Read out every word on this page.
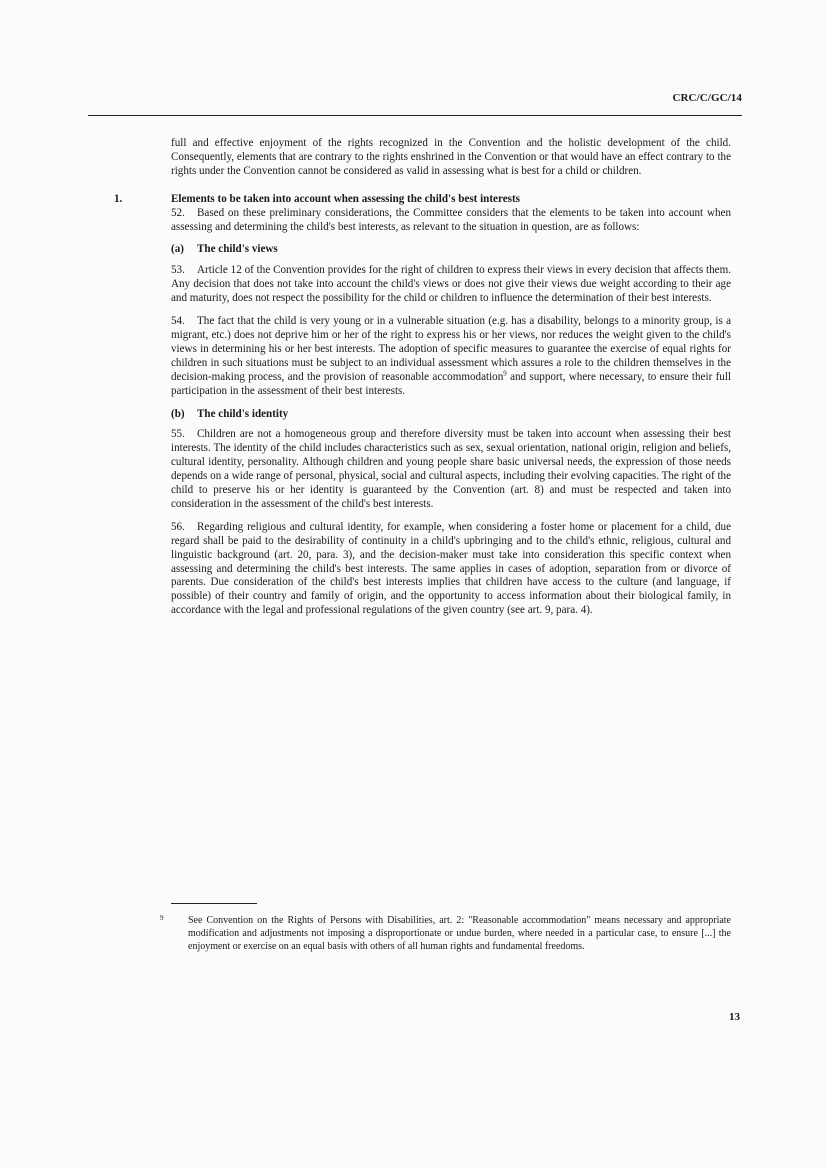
CRC/C/GC/14

full and effective enjoyment of the rights recognized in the Convention and the holistic development of the child. Consequently, elements that are contrary to the rights enshrined in the Convention or that would have an effect contrary to the rights under the Convention cannot be considered as valid in assessing what is best for a child or children.

1.	Elements to be taken into account when assessing the child's best interests

52. Based on these preliminary considerations, the Committee considers that the elements to be taken into account when assessing and determining the child's best interests, as relevant to the situation in question, are as follows:

(a) The child's views

53. Article 12 of the Convention provides for the right of children to express their views in every decision that affects them. Any decision that does not take into account the child's views or does not give their views due weight according to their age and maturity, does not respect the possibility for the child or children to influence the determination of their best interests.

54. The fact that the child is very young or in a vulnerable situation (e.g. has a disability, belongs to a minority group, is a migrant, etc.) does not deprive him or her of the right to express his or her views, nor reduces the weight given to the child's views in determining his or her best interests. The adoption of specific measures to guarantee the exercise of equal rights for children in such situations must be subject to an individual assessment which assures a role to the children themselves in the decision-making process, and the provision of reasonable accommodation$^9$ and support, where necessary, to ensure their full participation in the assessment of their best interests.

(b) The child's identity

55. Children are not a homogeneous group and therefore diversity must be taken into account when assessing their best interests. The identity of the child includes characteristics such as sex, sexual orientation, national origin, religion and beliefs, cultural identity, personality. Although children and young people share basic universal needs, the expression of those needs depends on a wide range of personal, physical, social and cultural aspects, including their evolving capacities. The right of the child to preserve his or her identity is guaranteed by the Convention (art. 8) and must be respected and taken into consideration in the assessment of the child's best interests.

56. Regarding religious and cultural identity, for example, when considering a foster home or placement for a child, due regard shall be paid to the desirability of continuity in a child's upbringing and to the child's ethnic, religious, cultural and linguistic background (art. 20, para. 3), and the decision-maker must take into consideration this specific context when assessing and determining the child's best interests. The same applies in cases of adoption, separation from or divorce of parents. Due consideration of the child's best interests implies that children have access to the culture (and language, if possible) of their country and family of origin, and the opportunity to access information about their biological family, in accordance with the legal and professional regulations of the given country (see art. 9, para. 4).

9	See Convention on the Rights of Persons with Disabilities, art. 2: "Reasonable accommodation" means necessary and appropriate modification and adjustments not imposing a disproportionate or undue burden, where needed in a particular case, to ensure [...] the enjoyment or exercise on an equal basis with others of all human rights and fundamental freedoms.
13
